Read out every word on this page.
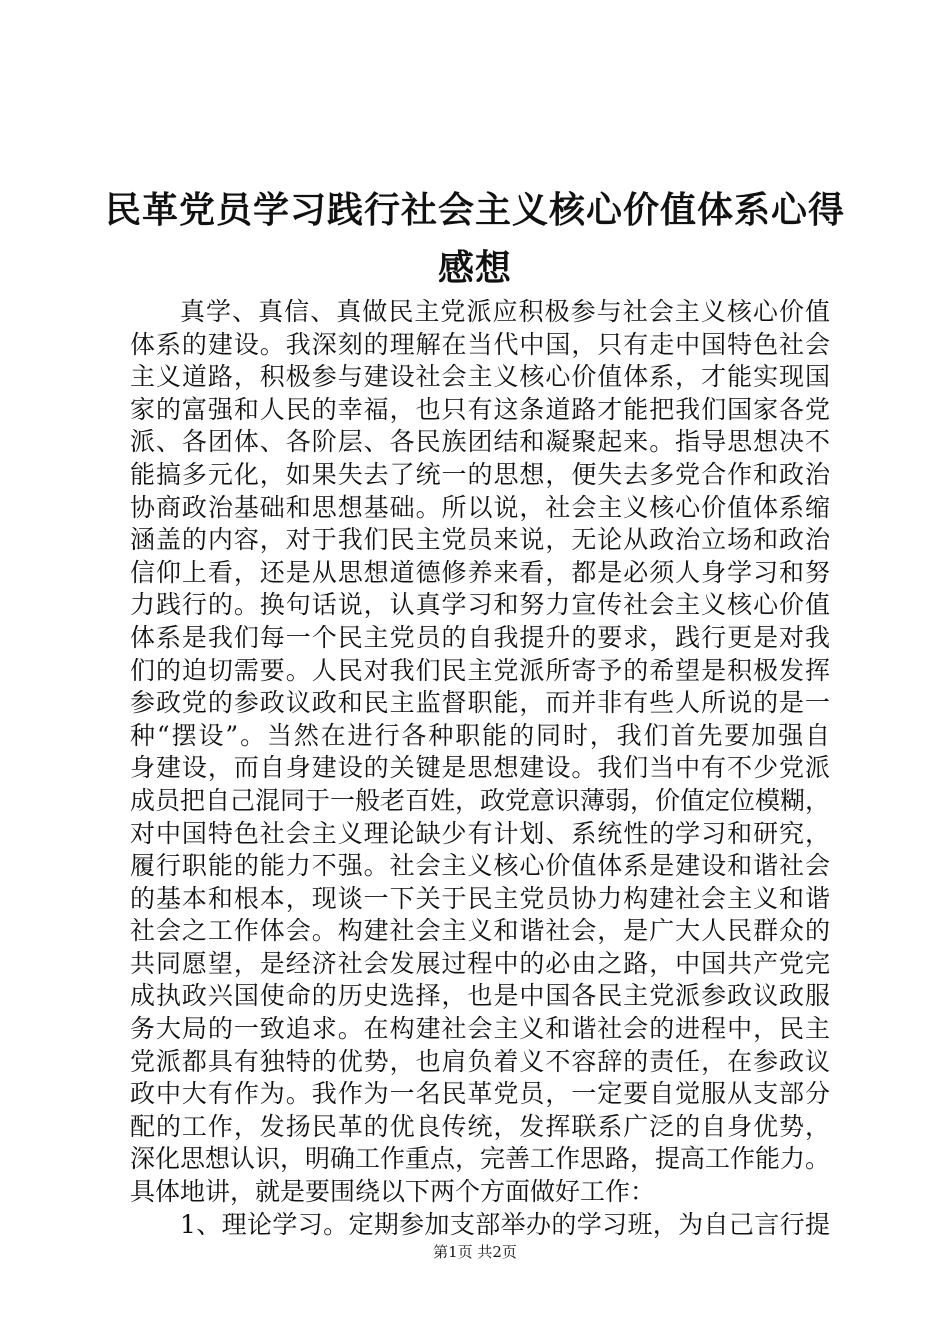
民革党员学习践行社会主义核心价值体系心得
感想
真学、真信、真做民主党派应积极参与社会主义核心价值
体系的建设。我深刻的理解在当代中国，只有走中国特色社会
主义道路，积极参与建设社会主义核心价值体系，才能实现国
家的富强和人民的幸福，也只有这条道路才能把我们国家各党
派、各团体、各阶层、各民族团结和凝聚起来。指导思想决不
能搞多元化，如果失去了统一的思想，便失去多党合作和政治
协商政治基础和思想基础。所以说，社会主义核心价值体系缩
涵盖的内容，对于我们民主党员来说，无论从政治立场和政治
信仰上看，还是从思想道德修养来看，都是必须人身学习和努
力践行的。换句话说，认真学习和努力宣传社会主义核心价值
体系是我们每一个民主党员的自我提升的要求，践行更是对我
们的迫切需要。人民对我们民主党派所寄予的希望是积极发挥
参政党的参政议政和民主监督职能，而并非有些人所说的是一
种“摆设”。当然在进行各种职能的同时，我们首先要加强自
身建设，而自身建设的关键是思想建设。我们当中有不少党派
成员把自己混同于一般老百姓，政党意识薄弱，价值定位模糊，
对中国特色社会主义理论缺少有计划、系统性的学习和研究，
履行职能的能力不强。社会主义核心价值体系是建设和谐社会
的基本和根本，现谈一下关于民主党员协力构建社会主义和谐
社会之工作体会。构建社会主义和谐社会，是广大人民群众的
共同愿望，是经济社会发展过程中的必由之路，中国共产党完
成执政兴国使命的历史选择，也是中国各民主党派参政议政服
务大局的一致追求。在构建社会主义和谐社会的进程中，民主
党派都具有独特的优势，也肩负着义不容辞的责任，在参政议
政中大有作为。我作为一名民革党员，一定要自觉服从支部分
配的工作，发扬民革的优良传统，发挥联系广泛的自身优势，
深化思想认识，明确工作重点，完善工作思路，提高工作能力。
具体地讲，就是要围绕以下两个方面做好工作：
1、理论学习。定期参加支部举办的学习班，为自己言行提
第1页 共2页
